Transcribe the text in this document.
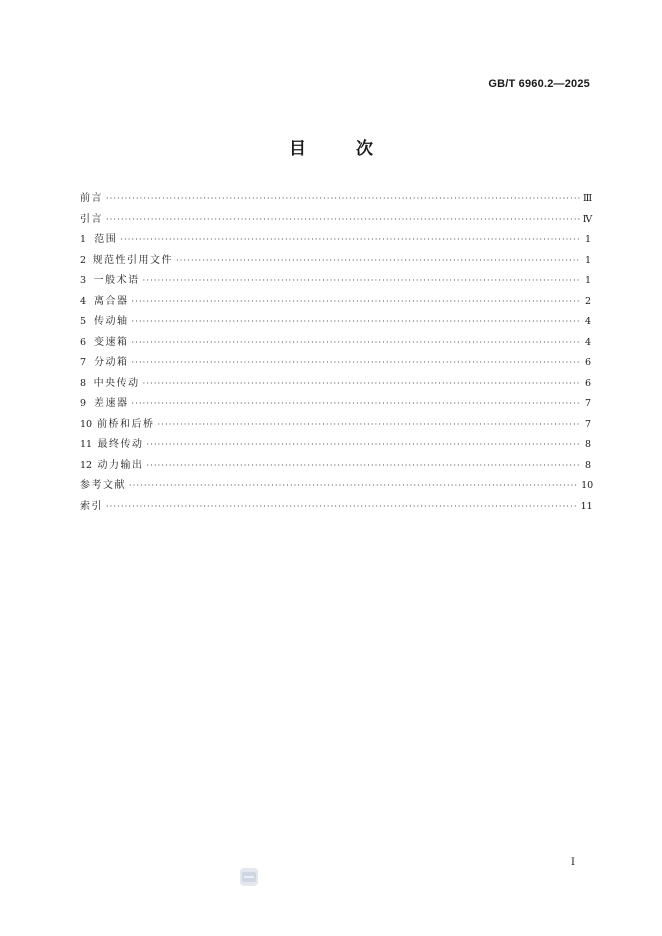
GB/T 6960.2—2025
目 次
前言 ·····	Ⅲ
引言 ·····	Ⅳ
1 范围 ·····	1
2 规范性引用文件 ·····	1
3 一般术语 ·····	1
4 离合器 ·····	2
5 传动轴 ·····	4
6 变速箱 ·····	4
7 分动箱 ·····	6
8 中央传动 ·····	6
9 差速器 ·····	7
10 前桥和后桥 ·····	7
11 最终传动 ·····	8
12 动力输出 ·····	8
参考文献 ·····	10
索引 ·····	11
Ⅰ
